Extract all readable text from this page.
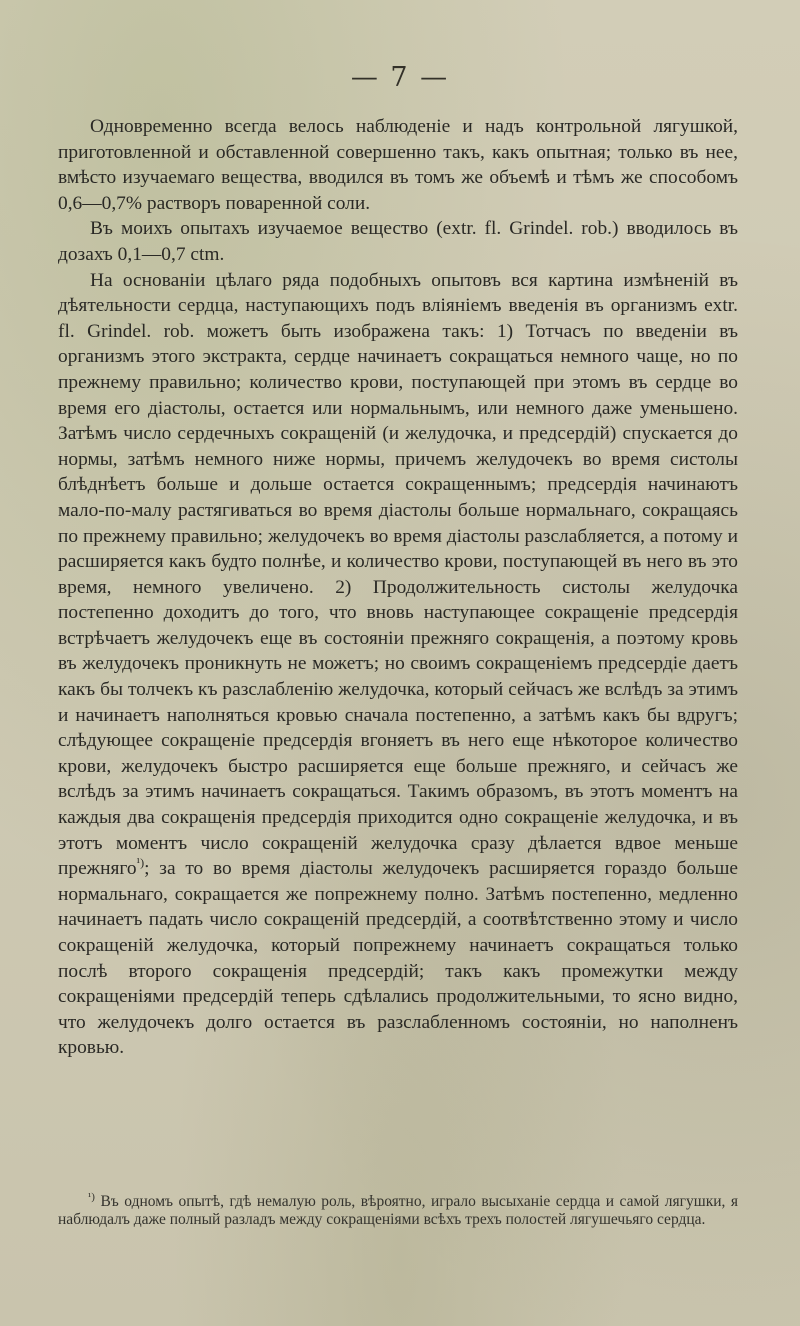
— 7 —

Одновременно всегда велось наблюденіе и надъ контрольной лягушкой, приготовленной и обставленной совершенно такъ, какъ опытная; только въ нее, вмѣсто изучаемаго вещества, вводился въ томъ же объемѣ и тѣмъ же способомъ 0,6—0,7% растворъ поваренной соли.

Въ моихъ опытахъ изучаемое вещество (extr. fl. Grindel. rob.) вводилось въ дозахъ 0,1—0,7 ctm.

На основаніи цѣлаго ряда подобныхъ опытовъ вся картина измѣненій въ дѣятельности сердца, наступающихъ подъ вліяніемъ введенія въ организмъ extr. fl. Grindel. rob. можетъ быть изображена такъ: 1) Тотчасъ по введеніи въ организмъ этого экстракта, сердце начинаетъ сокращаться немного чаще, но по прежнему правильно; количество крови, поступающей при этомъ въ сердце во время его діастолы, остается или нормальнымъ, или немного даже уменьшено. Затѣмъ число сердечныхъ сокращеній (и желудочка, и предсердій) спускается до нормы, затѣмъ немного ниже нормы, причемъ желудочекъ во время систолы блѣднѣетъ больше и дольше остается сокращеннымъ; предсердія начинаютъ мало-по-малу растягиваться во время діастолы больше нормальнаго, сокращаясь по прежнему правильно; желудочекъ во время діастолы разслабляется, а потому и расширяется какъ будто полнѣе, и количество крови, поступающей въ него въ это время, немного увеличено. 2) Продолжительность систолы желудочка постепенно доходитъ до того, что вновь наступающее сокращеніе предсердія встрѣчаетъ желудочекъ еще въ состояніи прежняго сокращенія, а поэтому кровь въ желудочекъ проникнуть не можетъ; но своимъ сокращеніемъ предсердіе даетъ какъ бы толчекъ къ разслабленію желудочка, который сейчасъ же вслѣдъ за этимъ и начинаетъ наполняться кровью сначала постепенно, а затѣмъ какъ бы вдругъ; слѣдующее сокращеніе предсердія вгоняетъ въ него еще нѣкоторое количество крови, желудочекъ быстро расширяется еще больше прежняго, и сейчасъ же вслѣдъ за этимъ начинаетъ сокращаться. Такимъ образомъ, въ этотъ моментъ на каждыя два сокращенія предсердія приходится одно сокращеніе желудочка, и въ этотъ моментъ число сокращеній желудочка сразу дѣлается вдвое меньше прежняго$^{^1)}$; за то во время діастолы желудочекъ расширяется гораздо больше нормальнаго, сокращается же попрежнему полно. Затѣмъ постепенно, медленно начинаетъ падать число сокращеній предсердій, а соотвѣтственно этому и число сокращеній желудочка, который попрежнему начинаетъ сокращаться только послѣ второго сокращенія предсердій; такъ какъ промежутки между сокращеніями предсердій теперь сдѣлались продолжительными, то ясно видно, что желудочекъ долго остается въ разслабленномъ состояніи, но наполненъ кровью.

$^{^1)}$ Въ одномъ опытѣ, гдѣ немалую роль, вѣроятно, играло высыханіе сердца и самой лягушки, я наблюдалъ даже полный разладъ между сокращеніями всѣхъ трехъ полостей лягушечьяго сердца.
